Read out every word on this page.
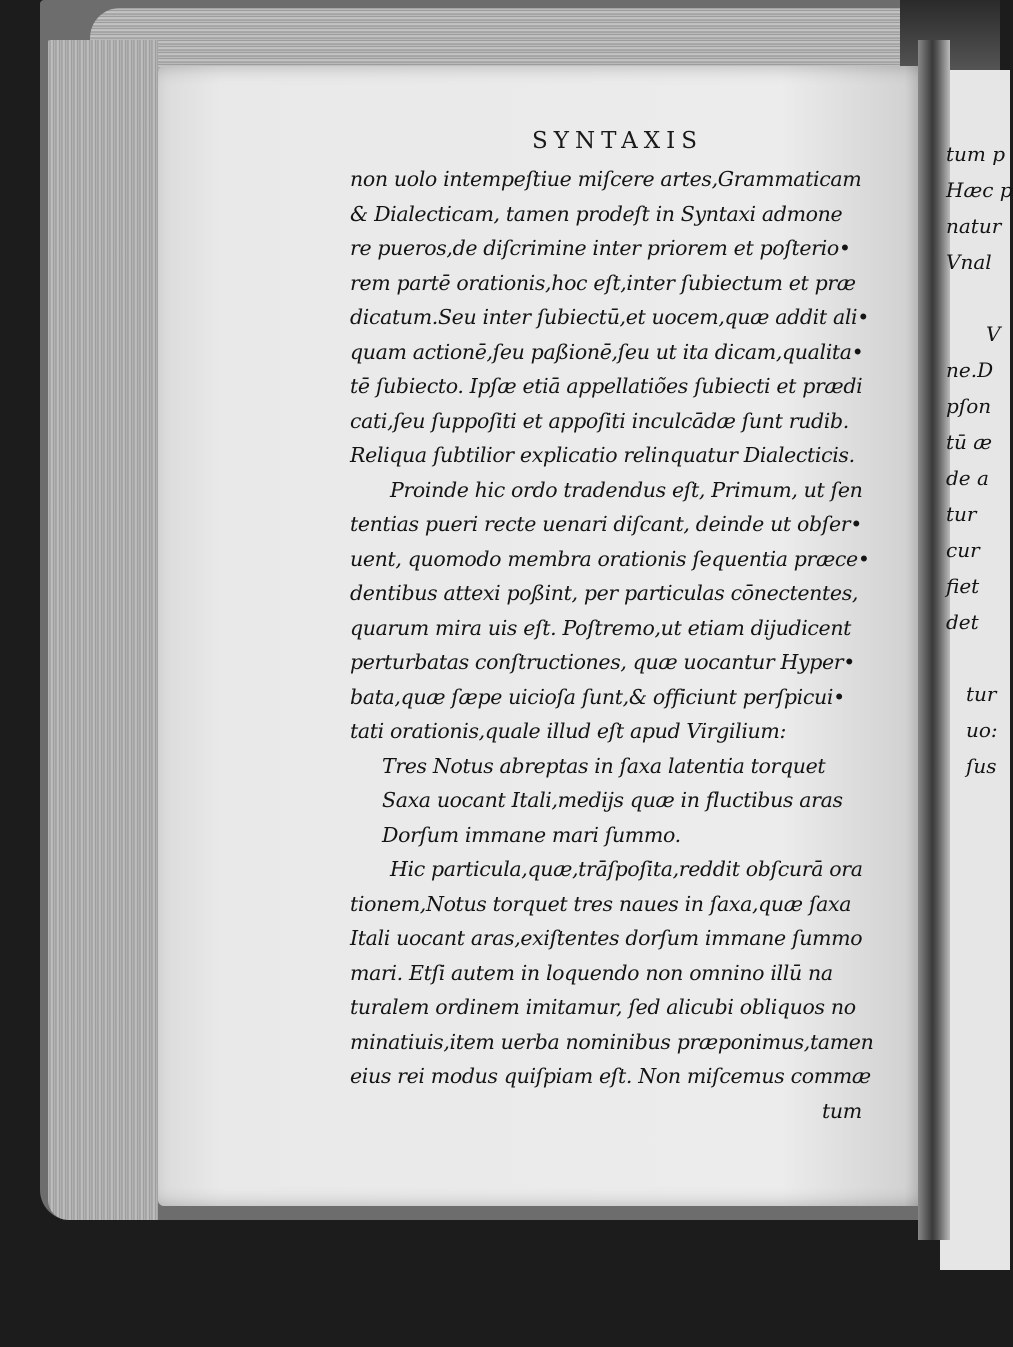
SYNTAXIS
non uolo intempeſtiue miſcere artes,Grammaticam
& Dialecticam, tamen prodeſt in Syntaxi admone
re pueros,de diſcrimine inter priorem et poſterio•
rem partē orationis,hoc eſt,inter ſubiectum et præ
dicatum.Seu inter ſubiectū,et uocem,quæ addit ali•
quam actionē,ſeu paßionē,ſeu ut ita dicam,qualita•
tē ſubiecto. Ipſæ etiā appellatiões ſubiecti et prædi
cati,ſeu ſuppoſiti et appoſiti inculcādæ ſunt rudib.
Reliqua ſubtilior explicatio relinquatur Dialecticis.
Proinde hic ordo tradendus eſt, Primum, ut ſen
tentias pueri recte uenari diſcant, deinde ut obſer•
uent, quomodo membra orationis ſequentia præce•
dentibus attexi poßint, per particulas cōnectentes,
quarum mira uis eſt. Poſtremo,ut etiam dijudicent
perturbatas conſtructiones, quæ uocantur Hyper•
bata,quæ ſæpe uicioſa ſunt,& officiunt perſpicui•
tati orationis,quale illud eſt apud Virgilium:
Tres Notus abreptas in ſaxa latentia torquet
Saxa uocant Itali,medijs quæ in fluctibus aras
Dorſum immane mari ſummo.
Hic particula,quæ,trāſpoſita,reddit obſcurā ora
tionem,Notus torquet tres naues in ſaxa,quæ ſaxa
Itali uocant aras,exiſtentes dorſum immane ſummo
mari. Etſi autem in loquendo non omnino illū na
turalem ordinem imitamur, ſed alicubi obliquos no
minatiuis,item uerba nominibus præponimus,tamen
eius rei modus quiſpiam eſt. Non miſcemus commæ
tum
tum p
Hæc p
natur
Vnal
V
ne.D
pſon
tū æ
de a
tur
cur
fiet
det
tur
uo:
ſus
